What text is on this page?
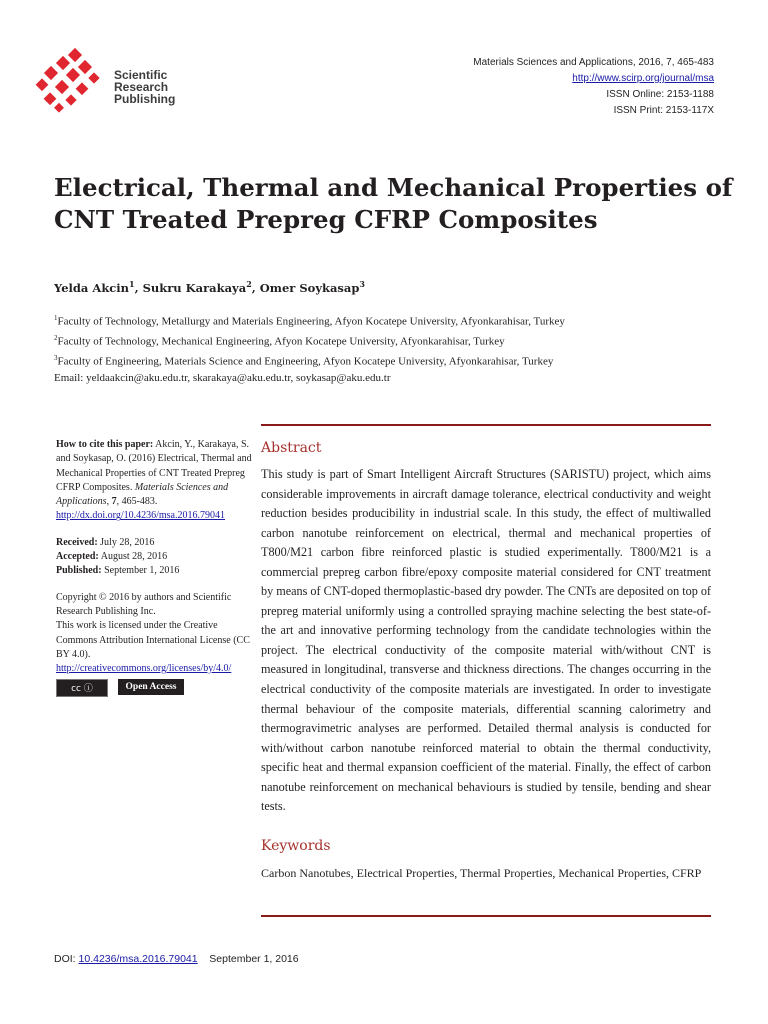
Scientific
Research
Publishing
Materials Sciences and Applications, 2016, 7, 465-483
http://www.scirp.org/journal/msa
ISSN Online: 2153-1188
ISSN Print: 2153-117X
Electrical, Thermal and Mechanical Properties of
CNT Treated Prepreg CFRP Composites
Yelda Akcin$^1$, Sukru Karakaya$^2$, Omer Soykasap$^3$
$^1$Faculty of Technology, Metallurgy and Materials Engineering, Afyon Kocatepe University, Afyonkarahisar, Turkey
$^2$Faculty of Technology, Mechanical Engineering, Afyon Kocatepe University, Afyonkarahisar, Turkey
$^3$Faculty of Engineering, Materials Science and Engineering, Afyon Kocatepe University, Afyonkarahisar, Turkey
Email: yeldaakcin@aku.edu.tr, skarakaya@aku.edu.tr, soykasap@aku.edu.tr
How to cite this paper: Akcin, Y., Karakaya, S. and Soykasap, O. (2016) Electrical, Thermal and Mechanical Properties of CNT Treated Prepreg CFRP Composites. Materials Sciences and Applications, 7, 465-483.
http://dx.doi.org/10.4236/msa.2016.79041
Received: July 28, 2016
Accepted: August 28, 2016
Published: September 1, 2016
Copyright © 2016 by authors and Scientific Research Publishing Inc.
This work is licensed under the Creative Commons Attribution International License (CC BY 4.0).
http://creativecommons.org/licenses/by/4.0/
cc ⓘ	Open Access
Abstract
This study is part of Smart Intelligent Aircraft Structures (SARISTU) project, which aims considerable improvements in aircraft damage tolerance, electrical conductivity and weight reduction besides producibility in industrial scale. In this study, the effect of multiwalled carbon nanotube reinforcement on electrical, thermal and mechanical properties of T800/M21 carbon fibre reinforced plastic is studied experimentally. T800/M21 is a commercial prepreg carbon fibre/epoxy composite material considered for CNT treatment by means of CNT-doped thermoplastic-based dry powder. The CNTs are deposited on top of prepreg material uniformly using a controlled spraying machine selecting the best state-of-the art and innovative performing technology from the candidate technologies within the project. The electrical conductivity of the composite material with/without CNT is measured in longitudinal, transverse and thickness directions. The changes occurring in the electrical conductivity of the composite materials are investigated. In order to investigate thermal behaviour of the composite materials, differential scanning calorimetry and thermogravimetric analyses are performed. Detailed thermal analysis is conducted for with/without carbon nanotube reinforced material to obtain the thermal conductivity, specific heat and thermal expansion coefficient of the material. Finally, the effect of carbon nanotube reinforcement on mechanical behaviours is studied by tensile, bending and shear tests.
Keywords
Carbon Nanotubes, Electrical Properties, Thermal Properties, Mechanical Properties, CFRP
DOI: 10.4236/msa.2016.79041 September 1, 2016
